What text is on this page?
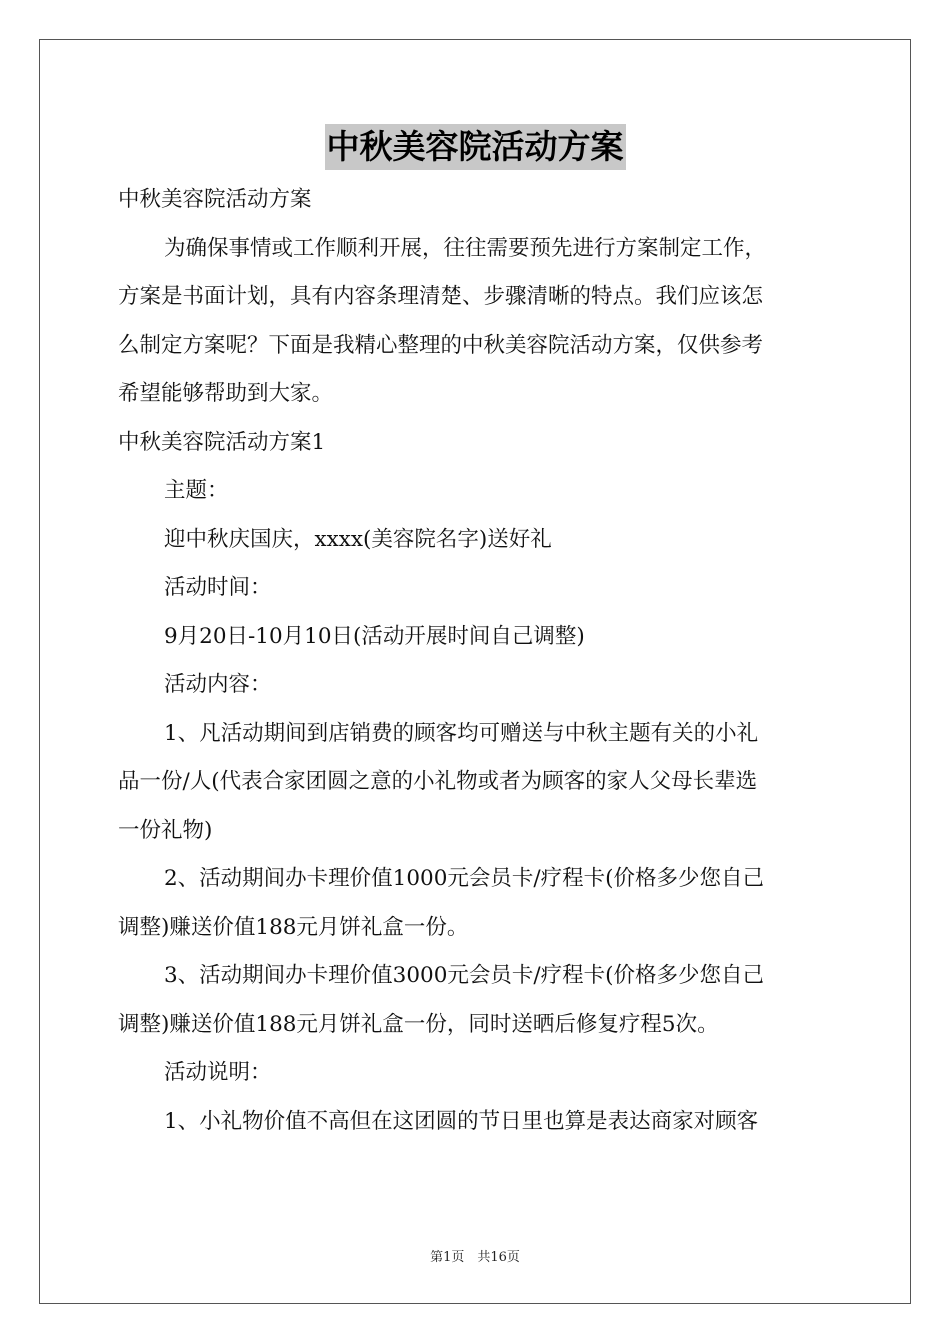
中秋美容院活动方案
中秋美容院活动方案
为确保事情或工作顺利开展，往往需要预先进行方案制定工作，
方案是书面计划，具有内容条理清楚、步骤清晰的特点。我们应该怎
么制定方案呢？下面是我精心整理的中秋美容院活动方案，仅供参考
希望能够帮助到大家。
中秋美容院活动方案1
主题：
迎中秋庆国庆，xxxx(美容院名字)送好礼
活动时间：
9月20日-10月10日(活动开展时间自己调整)
活动内容：
1、凡活动期间到店销费的顾客均可赠送与中秋主题有关的小礼
品一份/人(代表合家团圆之意的小礼物或者为顾客的家人父母长辈选
一份礼物)
2、活动期间办卡理价值1000元会员卡/疗程卡(价格多少您自己
调整)赚送价值188元月饼礼盒一份。
3、活动期间办卡理价值3000元会员卡/疗程卡(价格多少您自己
调整)赚送价值188元月饼礼盒一份，同时送晒后修复疗程5次。
活动说明：
1、小礼物价值不高但在这团圆的节日里也算是表达商家对顾客
第1页　共16页
